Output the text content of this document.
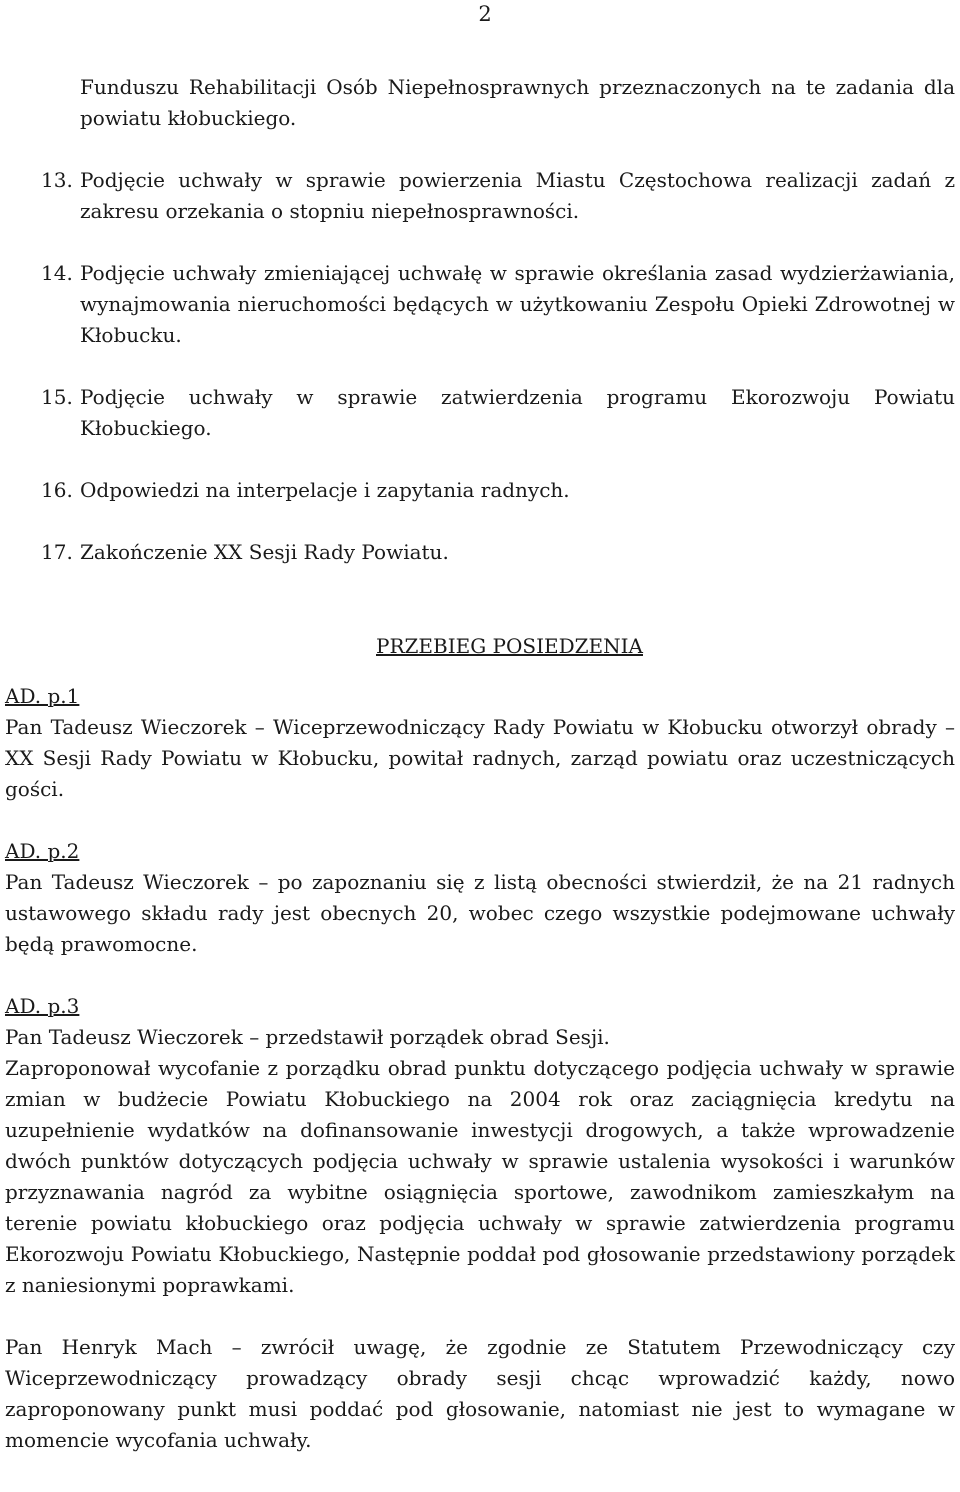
2
Funduszu Rehabilitacji Osób Niepełnosprawnych przeznaczonych na te zadania dla powiatu kłobuckiego.
13. Podjęcie uchwały w sprawie powierzenia Miastu Częstochowa realizacji zadań z zakresu orzekania o stopniu niepełnosprawności.
14. Podjęcie uchwały zmieniającej uchwałę w sprawie określania zasad wydzierżawiania, wynajmowania nieruchomości będących w użytkowaniu Zespołu Opieki Zdrowotnej w Kłobucku.
15. Podjęcie uchwały w sprawie zatwierdzenia programu Ekorozwoju Powiatu Kłobuckiego.
16. Odpowiedzi na interpelacje i zapytania radnych.
17. Zakończenie XX Sesji Rady Powiatu.
PRZEBIEG POSIEDZENIA

AD. p.1

Pan Tadeusz Wieczorek – Wiceprzewodniczący Rady Powiatu w Kłobucku otworzył obrady – XX Sesji Rady Powiatu w Kłobucku, powitał radnych, zarząd powiatu oraz uczestniczących gości.

AD. p.2

Pan Tadeusz Wieczorek – po zapoznaniu się z listą obecności stwierdził, że na 21 radnych ustawowego składu rady jest obecnych 20, wobec czego wszystkie podejmowane uchwały będą prawomocne.

AD. p.3

Pan Tadeusz Wieczorek – przedstawił porządek obrad Sesji.

Zaproponował wycofanie z porządku obrad punktu dotyczącego podjęcia uchwały w sprawie zmian w budżecie Powiatu Kłobuckiego na 2004 rok oraz zaciągnięcia kredytu na uzupełnienie wydatków na dofinansowanie inwestycji drogowych, a także wprowadzenie dwóch punktów dotyczących podjęcia uchwały w sprawie ustalenia wysokości i warunków przyznawania nagród za wybitne osiągnięcia sportowe, zawodnikom zamieszkałym na terenie powiatu kłobuckiego oraz podjęcia uchwały w sprawie zatwierdzenia programu Ekorozwoju Powiatu Kłobuckiego, Następnie poddał pod głosowanie przedstawiony porządek z naniesionymi poprawkami.

Pan Henryk Mach – zwrócił uwagę, że zgodnie ze Statutem Przewodniczący czy Wiceprzewodniczący prowadzący obrady sesji chcąc wprowadzić każdy, nowo zaproponowany punkt musi poddać pod głosowanie, natomiast nie jest to wymagane w momencie wycofania uchwały.
